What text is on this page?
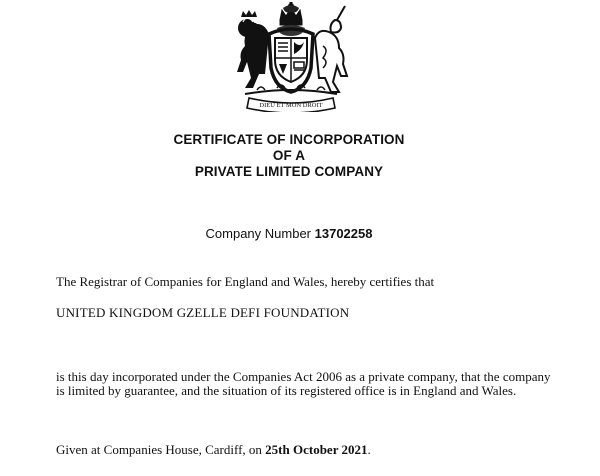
DIEU ET MON DROIT
CERTIFICATE OF INCORPORATION
OF A
PRIVATE LIMITED COMPANY
Company Number 13702258
The Registrar of Companies for England and Wales, hereby certifies that
UNITED KINGDOM GZELLE DEFI FOUNDATION
is this day incorporated under the Companies Act 2006 as a private company, that the company is limited by guarantee, and the situation of its registered office is in England and Wales.
Given at Companies House, Cardiff, on 25th October 2021.
